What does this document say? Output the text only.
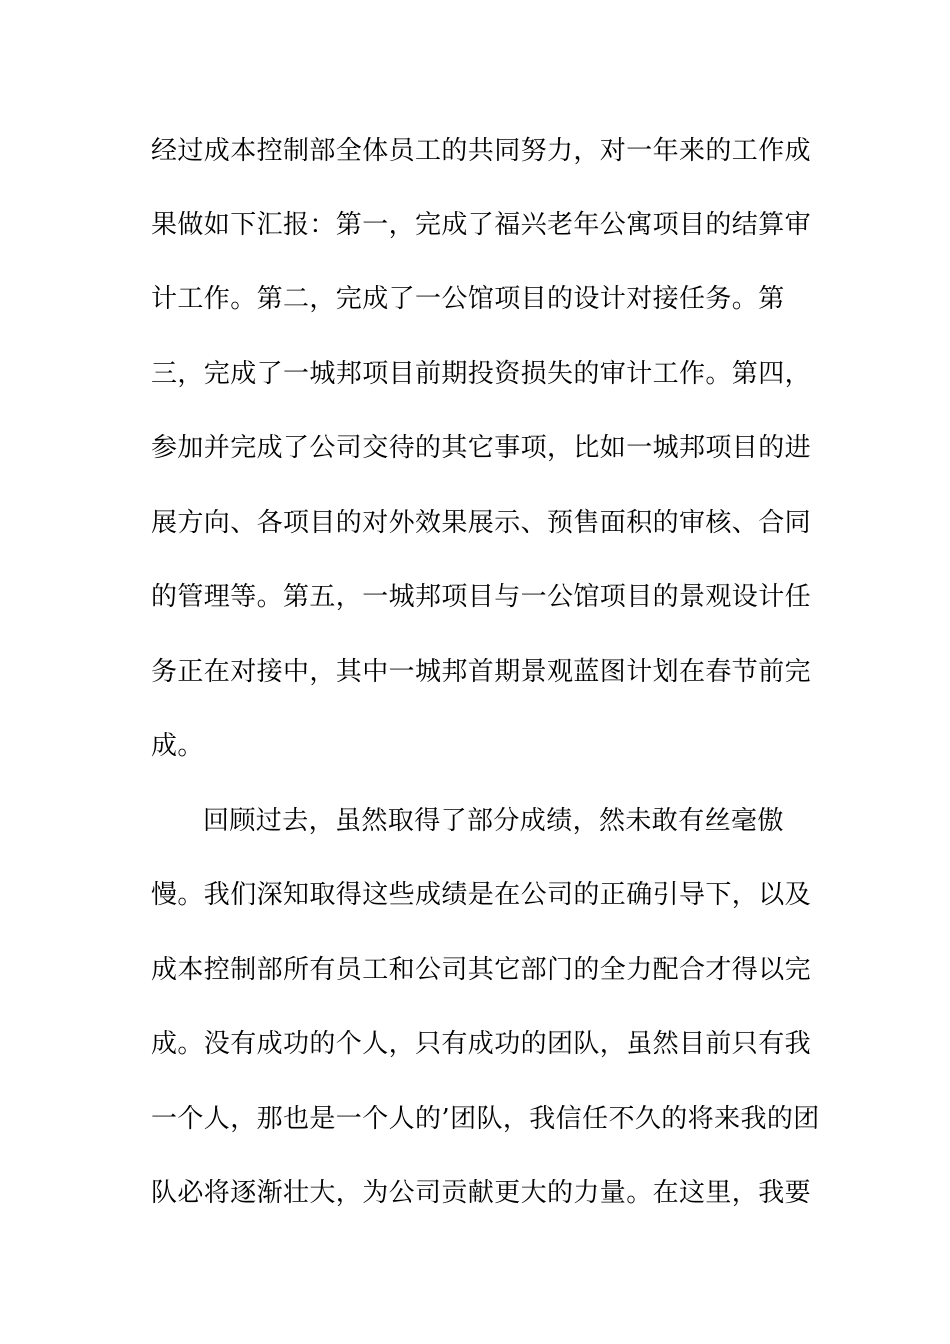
经过成本控制部全体员工的共同努力，对一年来的工作成
果做如下汇报：第一，完成了福兴老年公寓项目的结算审
计工作。第二，完成了一公馆项目的设计对接任务。第
三，完成了一城邦项目前期投资损失的审计工作。第四，
参加并完成了公司交待的其它事项，比如一城邦项目的进
展方向、各项目的对外效果展示、预售面积的审核、合同
的管理等。第五，一城邦项目与一公馆项目的景观设计任
务正在对接中，其中一城邦首期景观蓝图计划在春节前完
成。
回顾过去，虽然取得了部分成绩，然未敢有丝毫傲
慢。我们深知取得这些成绩是在公司的正确引导下，以及
成本控制部所有员工和公司其它部门的全力配合才得以完
成。没有成功的个人，只有成功的团队，虽然目前只有我
一个人，那也是一个人的’团队，我信任不久的将来我的团
队必将逐渐壮大，为公司贡献更大的力量。在这里，我要
